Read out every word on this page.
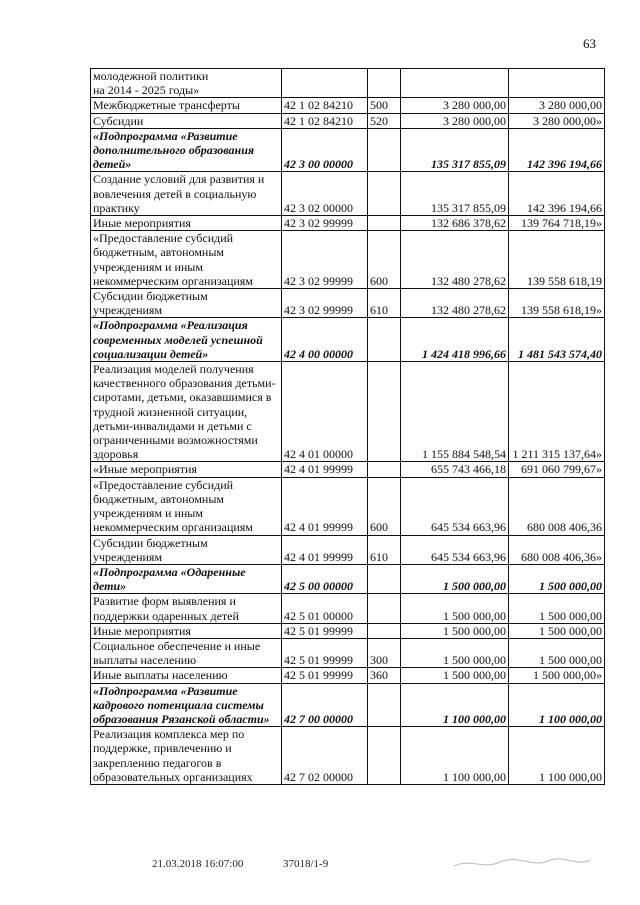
63
молодежной политики
на 2014 - 2025 годы»				
Межбюджетные трансферты	42 1 02 84210	500	3 280 000,00	3 280 000,00
Субсидии	42 1 02 84210	520	3 280 000,00	3 280 000,00»
«Подпрограмма «Развитие дополнительного образования детей»	42 3 00 00000		135 317 855,09	142 396 194,66
Создание условий для развития и вовлечения детей в социальную практику	42 3 02 00000		135 317 855,09	142 396 194,66
Иные мероприятия	42 3 02 99999		132 686 378,62	139 764 718,19»
«Предоставление субсидий бюджетным, автономным учреждениям и иным некоммерческим организациям	42 3 02 99999	600	132 480 278,62	139 558 618,19
Субсидии бюджетным учреждениям	42 3 02 99999	610	132 480 278,62	139 558 618,19»
«Подпрограмма «Реализация современных моделей успешной социализации детей»	42 4 00 00000		1 424 418 996,66	1 481 543 574,40
Реализация моделей получения качественного образования детьми-сиротами, детьми, оказавшимися в трудной жизненной ситуации, детьми-инвалидами и детьми с ограниченными возможностями здоровья	42 4 01 00000		1 155 884 548,54	1 211 315 137,64»
«Иные мероприятия	42 4 01 99999		655 743 466,18	691 060 799,67»
«Предоставление субсидий бюджетным, автономным учреждениям и иным некоммерческим организациям	42 4 01 99999	600	645 534 663,96	680 008 406,36
Субсидии бюджетным учреждениям	42 4 01 99999	610	645 534 663,96	680 008 406,36»
«Подпрограмма «Одаренные дети»	42 5 00 00000		1 500 000,00	1 500 000,00
Развитие форм выявления и поддержки одаренных детей	42 5 01 00000		1 500 000,00	1 500 000,00
Иные мероприятия	42 5 01 99999		1 500 000,00	1 500 000,00
Социальное обеспечение и иные выплаты населению	42 5 01 99999	300	1 500 000,00	1 500 000,00
Иные выплаты населению	42 5 01 99999	360	1 500 000,00	1 500 000,00»
«Подпрограмма «Развитие кадрового потенциала системы образования Рязанской области»	42 7 00 00000		1 100 000,00	1 100 000,00
Реализация комплекса мер по поддержке, привлечению и закреплению педагогов в образовательных организациях	42 7 02 00000		1 100 000,00	1 100 000,00
21.03.2018 16:07:00	37018/1-9
